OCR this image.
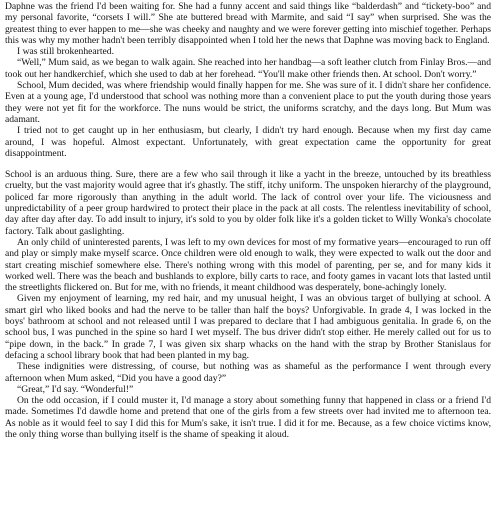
Daphne was the friend I'd been waiting for. She had a funny accent and said things like “balderdash” and “tickety-boo” and my personal favorite, “corsets I will.” She ate buttered bread with Marmite, and said “I say” when surprised. She was the greatest thing to ever happen to me—she was cheeky and naughty and we were forever getting into mischief together. Perhaps this was why my mother hadn't been terribly disappointed when I told her the news that Daphne was moving back to England.

I was still brokenhearted.

“Well,” Mum said, as we began to walk again. She reached into her handbag—a soft leather clutch from Finlay Bros.—and took out her handkerchief, which she used to dab at her forehead. “You'll make other friends then. At school. Don't worry.”

School, Mum decided, was where friendship would finally happen for me. She was sure of it. I didn't share her confidence. Even at a young age, I'd understood that school was nothing more than a convenient place to put the youth during those years they were not yet fit for the workforce. The nuns would be strict, the uniforms scratchy, and the days long. But Mum was adamant.

I tried not to get caught up in her enthusiasm, but clearly, I didn't try hard enough. Because when my first day came around, I was hopeful. Almost expectant. Unfortunately, with great expectation came the opportunity for great disappointment.

School is an arduous thing. Sure, there are a few who sail through it like a yacht in the breeze, untouched by its breathless cruelty, but the vast majority would agree that it's ghastly. The stiff, itchy uniform. The unspoken hierarchy of the playground, policed far more rigorously than anything in the adult world. The lack of control over your life. The viciousness and unpredictability of a peer group hardwired to protect their place in the pack at all costs. The relentless inevitability of school, day after day after day. To add insult to injury, it's sold to you by older folk like it's a golden ticket to Willy Wonka's chocolate factory. Talk about gaslighting.

An only child of uninterested parents, I was left to my own devices for most of my formative years—encouraged to run off and play or simply make myself scarce. Once children were old enough to walk, they were expected to walk out the door and start creating mischief somewhere else. There's nothing wrong with this model of parenting, per se, and for many kids it worked well. There was the beach and bushlands to explore, billy carts to race, and footy games in vacant lots that lasted until the streetlights flickered on. But for me, with no friends, it meant childhood was desperately, bone-achingly lonely.

Given my enjoyment of learning, my red hair, and my unusual height, I was an obvious target of bullying at school. A smart girl who liked books and had the nerve to be taller than half the boys? Unforgivable. In grade 4, I was locked in the boys' bathroom at school and not released until I was prepared to declare that I had ambiguous genitalia. In grade 6, on the school bus, I was punched in the spine so hard I wet myself. The bus driver didn't stop either. He merely called out for us to “pipe down, in the back.” In grade 7, I was given six sharp whacks on the hand with the strap by Brother Stanislaus for defacing a school library book that had been planted in my bag.

These indignities were distressing, of course, but nothing was as shameful as the performance I went through every afternoon when Mum asked, “Did you have a good day?”

“Great,” I'd say. “Wonderful!”

On the odd occasion, if I could muster it, I'd manage a story about something funny that happened in class or a friend I'd made. Sometimes I'd dawdle home and pretend that one of the girls from a few streets over had invited me to afternoon tea. As noble as it would feel to say I did this for Mum's sake, it isn't true. I did it for me. Because, as a few choice victims know, the only thing worse than bullying itself is the shame of speaking it aloud.
